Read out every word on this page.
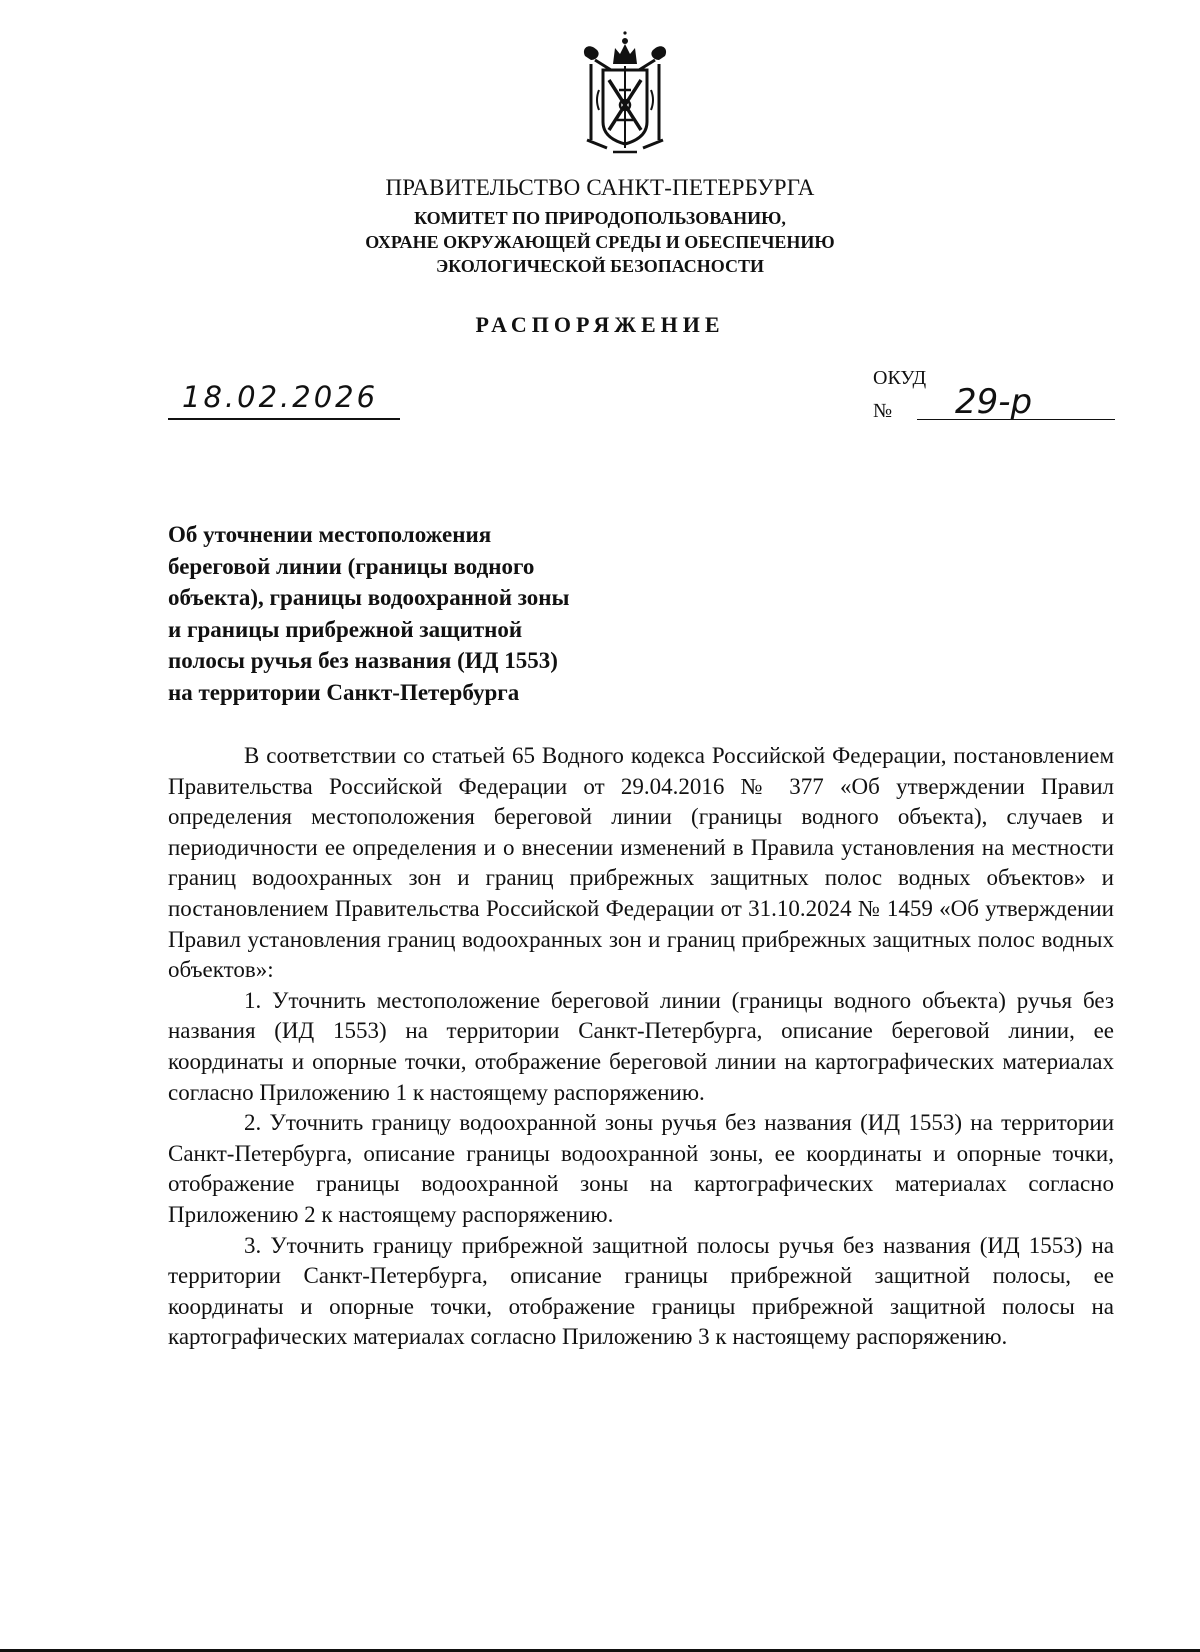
ПРАВИТЕЛЬСТВО САНКТ-ПЕТЕРБУРГА
КОМИТЕТ ПО ПРИРОДОПОЛЬЗОВАНИЮ,
ОХРАНЕ ОКРУЖАЮЩЕЙ СРЕДЫ И ОБЕСПЕЧЕНИЮ
ЭКОЛОГИЧЕСКОЙ БЕЗОПАСНОСТИ
РАСПОРЯЖЕНИЕ
18.02.2026
ОКУД
№ 29-р
Об уточнении местоположения
береговой линии (границы водного
объекта), границы водоохранной зоны
и границы прибрежной защитной
полосы ручья без названия (ИД 1553)
на территории Санкт-Петербурга

В соответствии со статьей 65 Водного кодекса Российской Федерации, постановлением Правительства Российской Федерации от 29.04.2016 № 377 «Об утверждении Правил определения местоположения береговой линии (границы водного объекта), случаев и периодичности ее определения и о внесении изменений в Правила установления на местности границ водоохранных зон и границ прибрежных защитных полос водных объектов» и постановлением Правительства Российской Федерации от 31.10.2024 № 1459 «Об утверждении Правил установления границ водоохранных зон и границ прибрежных защитных полос водных объектов»:

1. Уточнить местоположение береговой линии (границы водного объекта) ручья без названия (ИД 1553) на территории Санкт-Петербурга, описание береговой линии, ее координаты и опорные точки, отображение береговой линии на картографических материалах согласно Приложению 1 к настоящему распоряжению.

2. Уточнить границу водоохранной зоны ручья без названия (ИД 1553) на территории Санкт-Петербурга, описание границы водоохранной зоны, ее координаты и опорные точки, отображение границы водоохранной зоны на картографических материалах согласно Приложению 2 к настоящему распоряжению.

3. Уточнить границу прибрежной защитной полосы ручья без названия (ИД 1553) на территории Санкт-Петербурга, описание границы прибрежной защитной полосы, ее координаты и опорные точки, отображение границы прибрежной защитной полосы на картографических материалах согласно Приложению 3 к настоящему распоряжению.
